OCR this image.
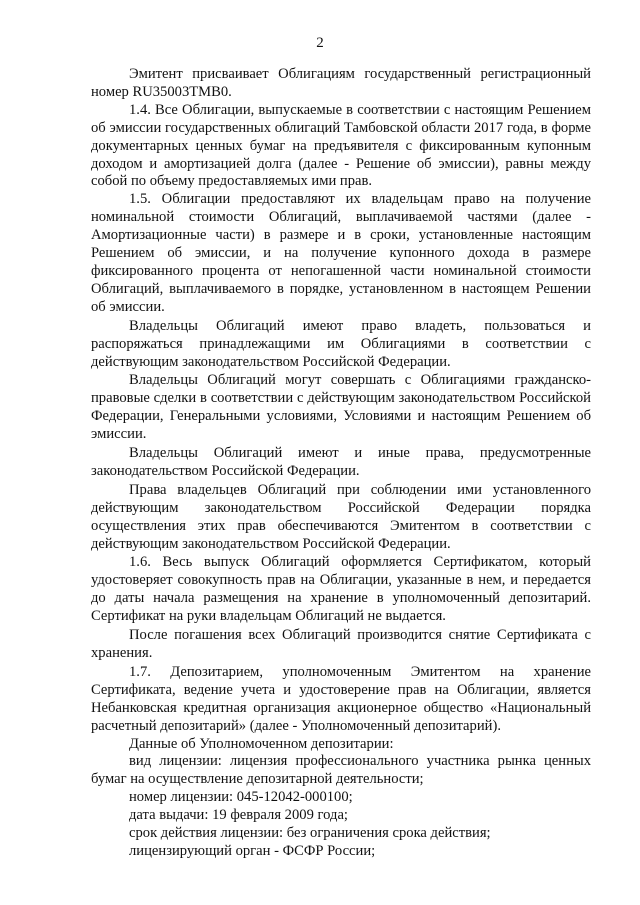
2

Эмитент присваивает Облигациям государственный регистрационный номер RU35003TMB0.

1.4. Все Облигации, выпускаемые в соответствии с настоящим Решением об эмиссии государственных облигаций Тамбовской области 2017 года, в форме документарных ценных бумаг на предъявителя с фиксированным купонным доходом и амортизацией долга (далее - Решение об эмиссии), равны между собой по объему предоставляемых ими прав.

1.5. Облигации предоставляют их владельцам право на получение номинальной стоимости Облигаций, выплачиваемой частями (далее - Амортизационные части) в размере и в сроки, установленные настоящим Решением об эмиссии, и на получение купонного дохода в размере фиксированного процента от непогашенной части номинальной стоимости Облигаций, выплачиваемого в порядке, установленном в настоящем Решении об эмиссии.

Владельцы Облигаций имеют право владеть, пользоваться и распоряжаться принадлежащими им Облигациями в соответствии с действующим законодательством Российской Федерации.

Владельцы Облигаций могут совершать с Облигациями гражданско-правовые сделки в соответствии с действующим законодательством Российской Федерации, Генеральными условиями, Условиями и настоящим Решением об эмиссии.

Владельцы Облигаций имеют и иные права, предусмотренные законодательством Российской Федерации.

Права владельцев Облигаций при соблюдении ими установленного действующим законодательством Российской Федерации порядка осуществления этих прав обеспечиваются Эмитентом в соответствии с действующим законодательством Российской Федерации.

1.6. Весь выпуск Облигаций оформляется Сертификатом, который удостоверяет совокупность прав на Облигации, указанные в нем, и передается до даты начала размещения на хранение в уполномоченный депозитарий. Сертификат на руки владельцам Облигаций не выдается.

После погашения всех Облигаций производится снятие Сертификата с хранения.

1.7. Депозитарием, уполномоченным Эмитентом на хранение Сертификата, ведение учета и удостоверение прав на Облигации, является Небанковская кредитная организация акционерное общество «Национальный расчетный депозитарий» (далее - Уполномоченный депозитарий).

Данные об Уполномоченном депозитарии:

вид лицензии: лицензия профессионального участника рынка ценных бумаг на осуществление депозитарной деятельности;

номер лицензии: 045-12042-000100;

дата выдачи: 19 февраля 2009 года;

срок действия лицензии: без ограничения срока действия;

лицензирующий орган - ФСФР России;
